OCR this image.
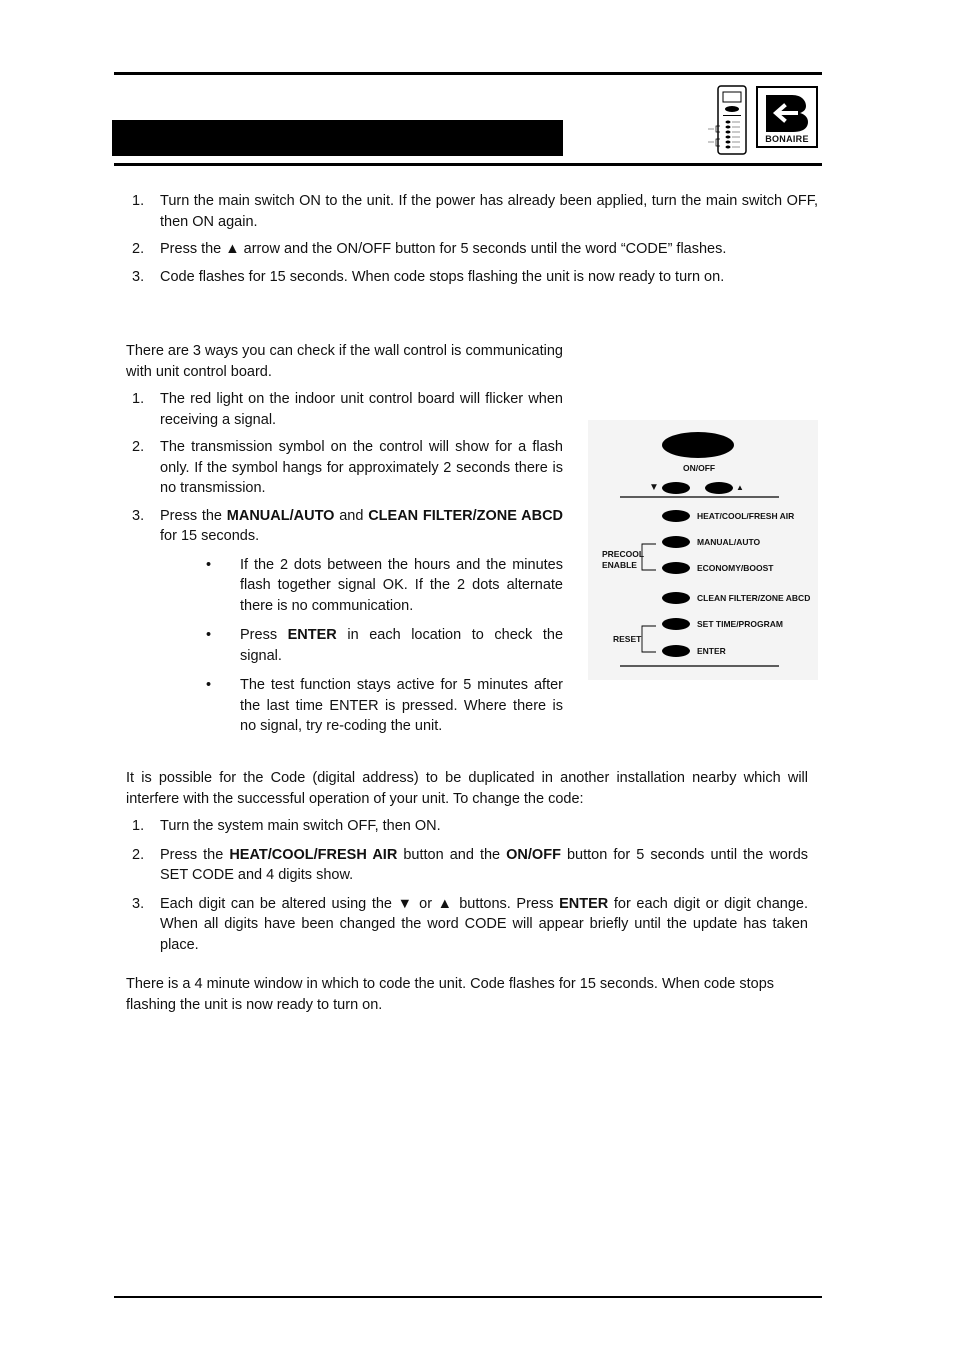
BONAIRE
1. Turn the main switch ON to the unit. If the power has already been applied, turn the main switch OFF, then ON again.
2. Press the ▲ arrow and the ON/OFF button for 5 seconds until the word “CODE” flashes.
3. Code flashes for 15 seconds. When code stops flashing the unit is now ready to turn on.
There are 3 ways you can check if the wall control is communicating with unit control board.
1. The red light on the indoor unit control board will flicker when receiving a signal.
2. The transmission symbol on the control will show for a flash only. If the symbol hangs for approximately 2 seconds there is no transmission.
3. Press the MANUAL/AUTO and CLEAN FILTER/ZONE ABCD for 15 seconds.
• If the 2 dots between the hours and the minutes flash together signal OK. If the 2 dots alternate there is no communication.
• Press ENTER in each location to check the signal.
• The test function stays active for 5 minutes after the last time ENTER is pressed. Where there is no signal, try re-coding the unit.
ON/OFF
▼	▲
HEAT/COOL/FRESH AIR
MANUAL/AUTO
ECONOMY/BOOST
CLEAN FILTER/ZONE ABCD
SET TIME/PROGRAM
ENTER
PRECOOL
ENABLE
RESET
It is possible for the Code (digital address) to be duplicated in another installation nearby which will interfere with the successful operation of your unit. To change the code:
1. Turn the system main switch OFF, then ON.
2. Press the HEAT/COOL/FRESH AIR button and the ON/OFF button for 5 seconds until the words SET CODE and 4 digits show.
3. Each digit can be altered using the ▼ or ▲ buttons. Press ENTER for each digit or digit change. When all digits have been changed the word CODE will appear briefly until the update has taken place.
There is a 4 minute window in which to code the unit. Code flashes for 15 seconds. When code stops flashing the unit is now ready to turn on.
